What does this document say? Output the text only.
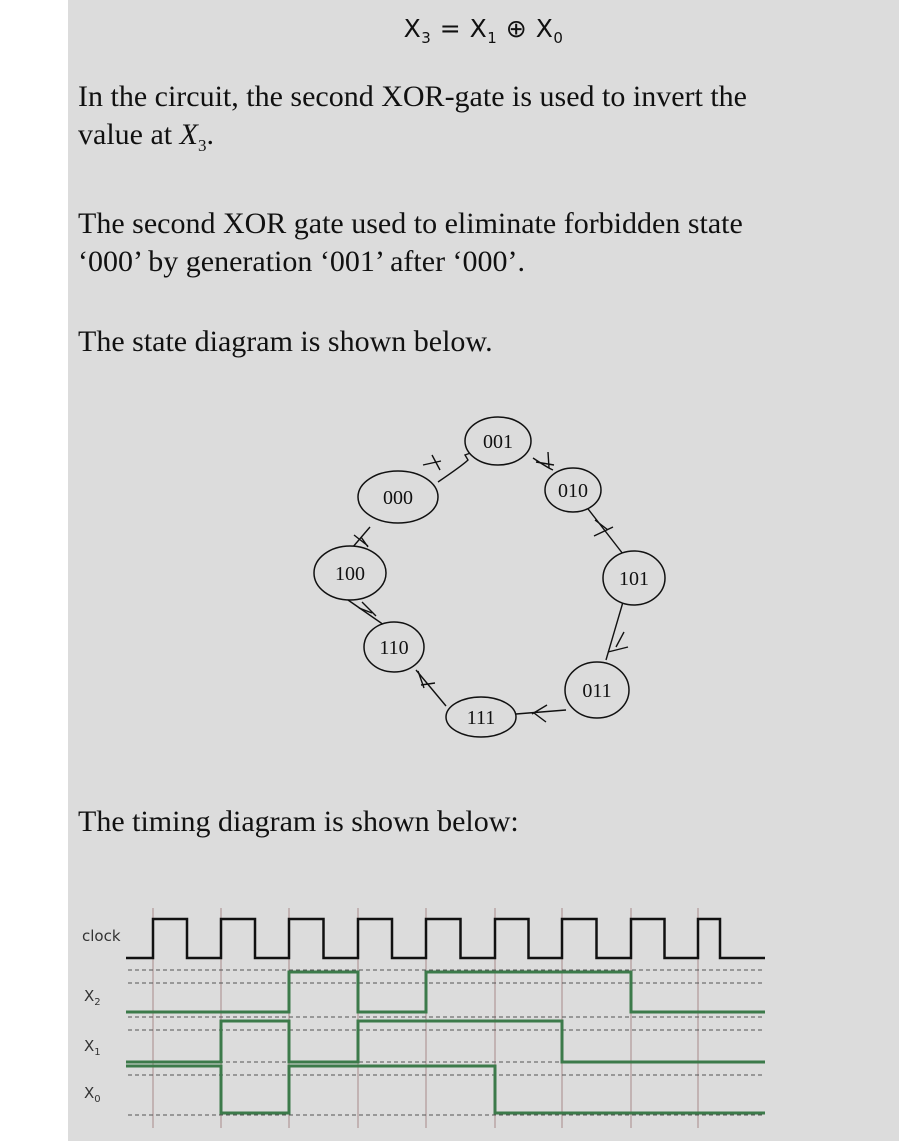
$X_3 = X_1$ ⊕ $X_0$
In the circuit, the second XOR-gate is used to invert the
value at $X_3$.
The second XOR gate used to eliminate forbidden state
‘000’ by generation ‘001’ after ‘000’.
The state diagram is shown below.
The timing diagram is shown below:
001
010
101
011
111
110
100
000
clock
$X_2$
$X_1$
$X_0$
